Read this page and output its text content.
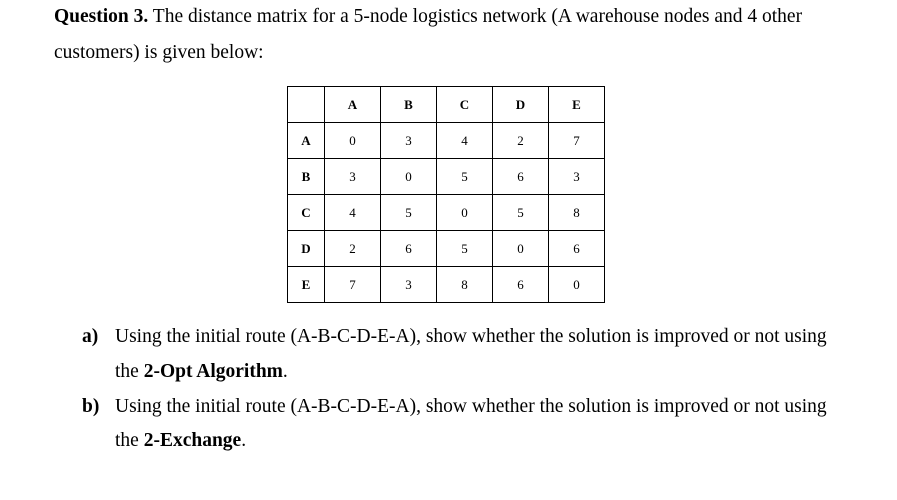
Question 3. The distance matrix for a 5-node logistics network (A warehouse nodes and 4 other
customers) is given below:
	A	B	C	D	E
A	0	3	4	2	7
B	3	0	5	6	3
C	4	5	0	5	8
D	2	6	5	0	6
E	7	3	8	6	0
a) Using the initial route (A-B-C-D-E-A), show whether the solution is improved or not using
the 2-Opt Algorithm.
b) Using the initial route (A-B-C-D-E-A), show whether the solution is improved or not using
the 2-Exchange.
